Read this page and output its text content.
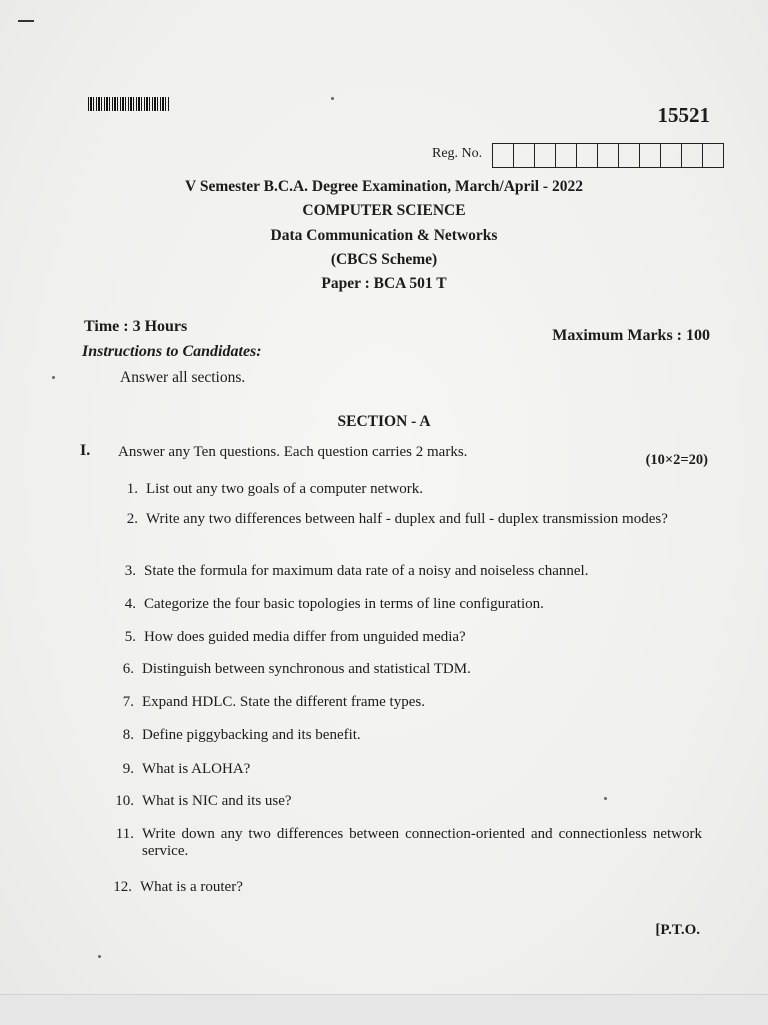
15521
Reg. No.
V Semester B.C.A. Degree Examination, March/April - 2022
COMPUTER SCIENCE
Data Communication & Networks
(CBCS Scheme)
Paper : BCA 501 T
Time : 3 Hours
Maximum Marks : 100
Instructions to Candidates:
Answer all sections.
SECTION - A
I. Answer any Ten questions. Each question carries 2 marks.	(10×2=20)
1. List out any two goals of a computer network.
2. Write any two differences between half - duplex and full - duplex transmission modes?
3. State the formula for maximum data rate of a noisy and noiseless channel.
4. Categorize the four basic topologies in terms of line configuration.
5. How does guided media differ from unguided media?
6. Distinguish between synchronous and statistical TDM.
7. Expand HDLC. State the different frame types.
8. Define piggybacking and its benefit.
9. What is ALOHA?
10. What is NIC and its use?
11. Write down any two differences between connection-oriented and connectionless network service.
12. What is a router?
[P.T.O.
